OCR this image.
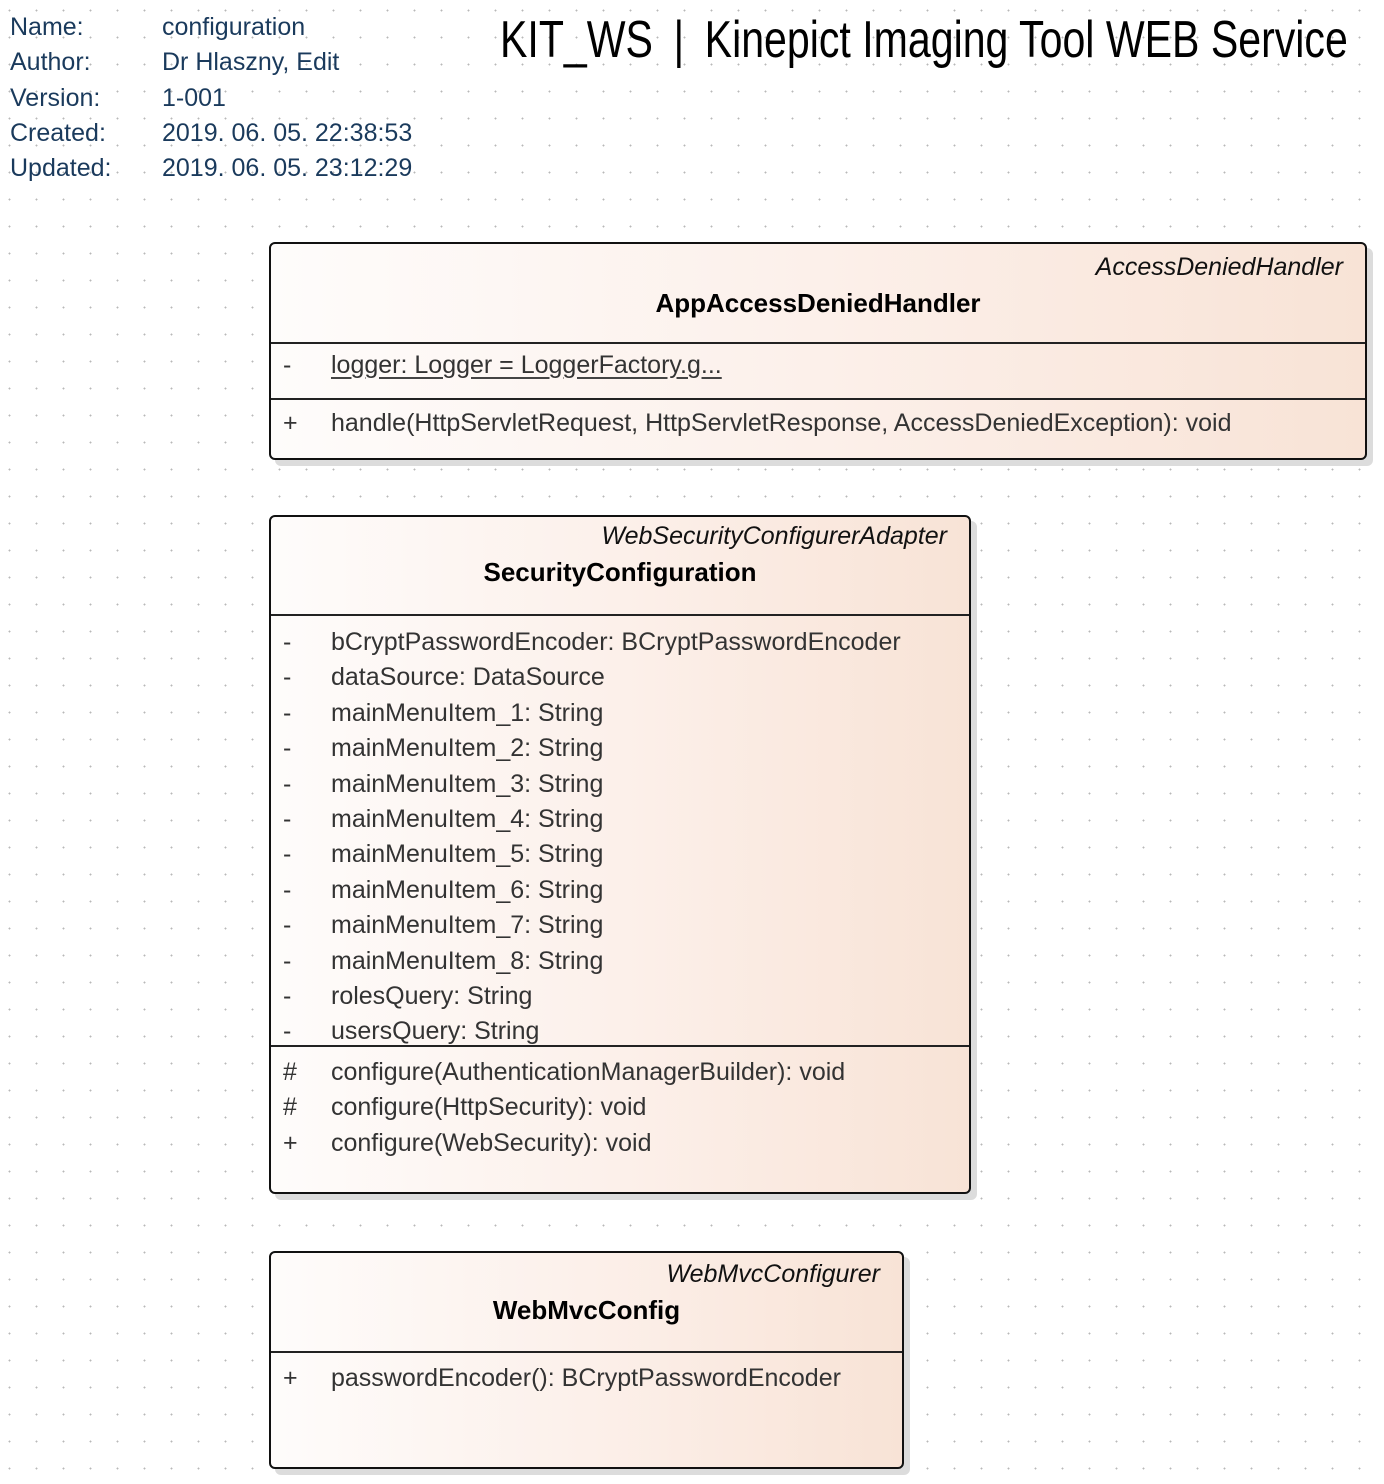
Name:	configuration
Author:	Dr Hlaszny, Edit
Version:	1-001
Created:	2019. 06. 05. 22:38:53
Updated:	2019. 06. 05. 23:12:29
KIT_WS | Kinepict Imaging Tool WEB Service
AccessDeniedHandler
AppAccessDeniedHandler
-	logger: Logger = LoggerFactory.g...
+	handle(HttpServletRequest, HttpServletResponse, AccessDeniedException): void
WebSecurityConfigurerAdapter
SecurityConfiguration
-	bCryptPasswordEncoder: BCryptPasswordEncoder
-	dataSource: DataSource
-	mainMenuItem_1: String
-	mainMenuItem_2: String
-	mainMenuItem_3: String
-	mainMenuItem_4: String
-	mainMenuItem_5: String
-	mainMenuItem_6: String
-	mainMenuItem_7: String
-	mainMenuItem_8: String
-	rolesQuery: String
-	usersQuery: String
#	configure(AuthenticationManagerBuilder): void
#	configure(HttpSecurity): void
+	configure(WebSecurity): void
WebMvcConfigurer
WebMvcConfig
+	passwordEncoder(): BCryptPasswordEncoder
